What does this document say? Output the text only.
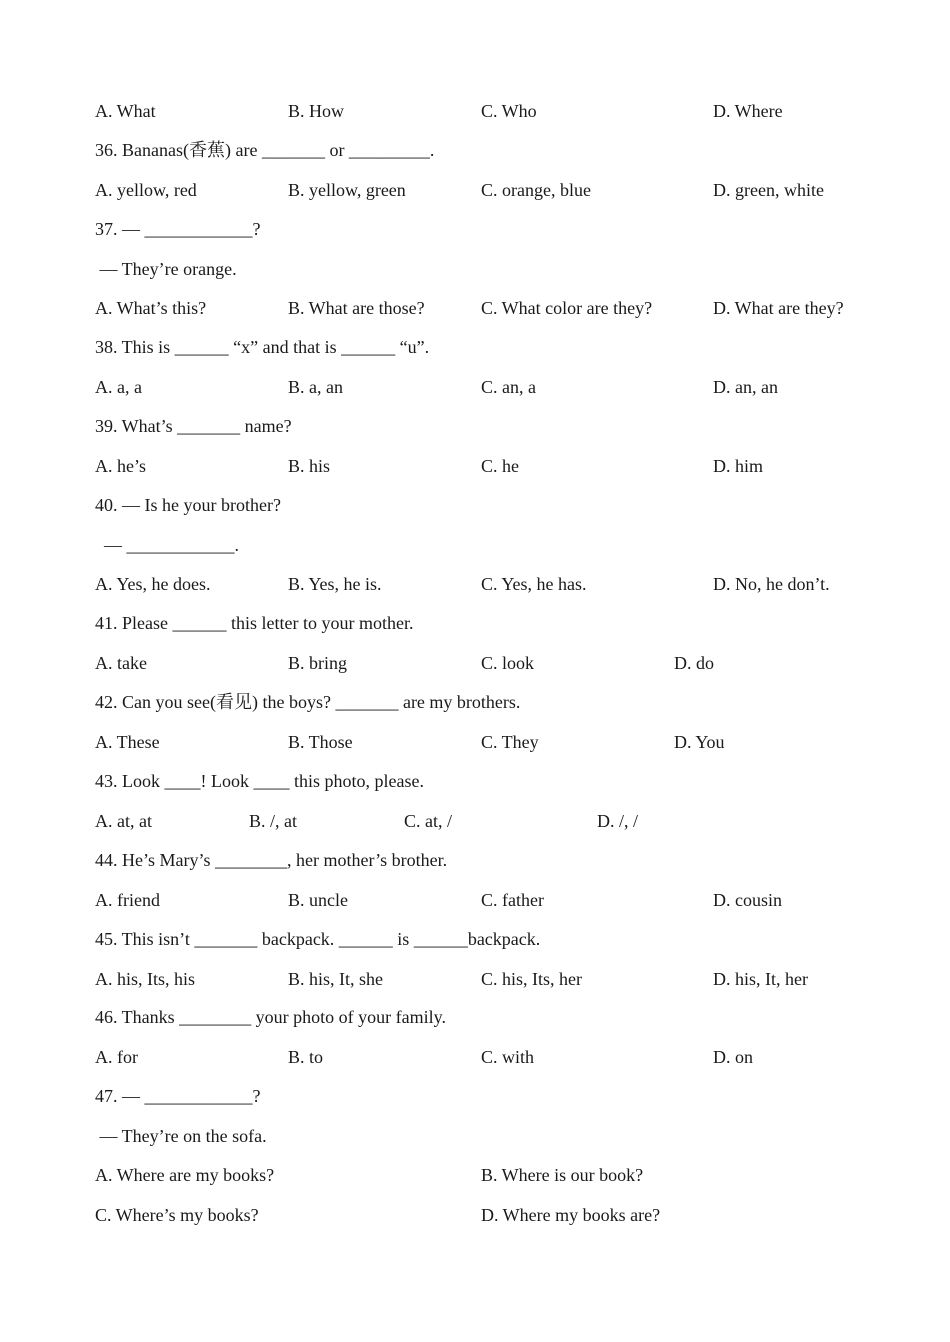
A. What	B. How	C. Who	D. Where
36. Bananas(香蕉) are _______ or _________.
A. yellow, red	B. yellow, green	C. orange, blue	D. green, white
37. — ____________?
— They’re orange.
A. What’s this?	B. What are those?	C. What color are they?	D. What are they?
38. This is ______ “x” and that is ______ “u”.
A. a, a	B. a, an	C. an, a	D. an, an
39. What’s _______ name?
A. he’s	B. his	C. he	D. him
40. — Is he your brother?
— ____________.
A. Yes, he does.	B. Yes, he is.	C. Yes, he has.	D. No, he don’t.
41. Please ______ this letter to your mother.
A. take	B. bring	C. look	D. do
42. Can you see(看见) the boys? _______ are my brothers.
A. These	B. Those	C. They	D. You
43. Look ____! Look ____ this photo, please.
A. at, at	B. /, at	C. at, /	D. /, /
44. He’s Mary’s ________, her mother’s brother.
A. friend	B. uncle	C. father	D. cousin
45. This isn’t _______ backpack. ______ is ______backpack.
A. his, Its, his	B. his, It, she	C. his, Its, her	D. his, It, her
46. Thanks ________ your photo of your family.
A. for	B. to	C. with	D. on
47. — ____________?
— They’re on the sofa.
A. Where are my books?	B. Where is our book?
C. Where’s my books?	D. Where my books are?
